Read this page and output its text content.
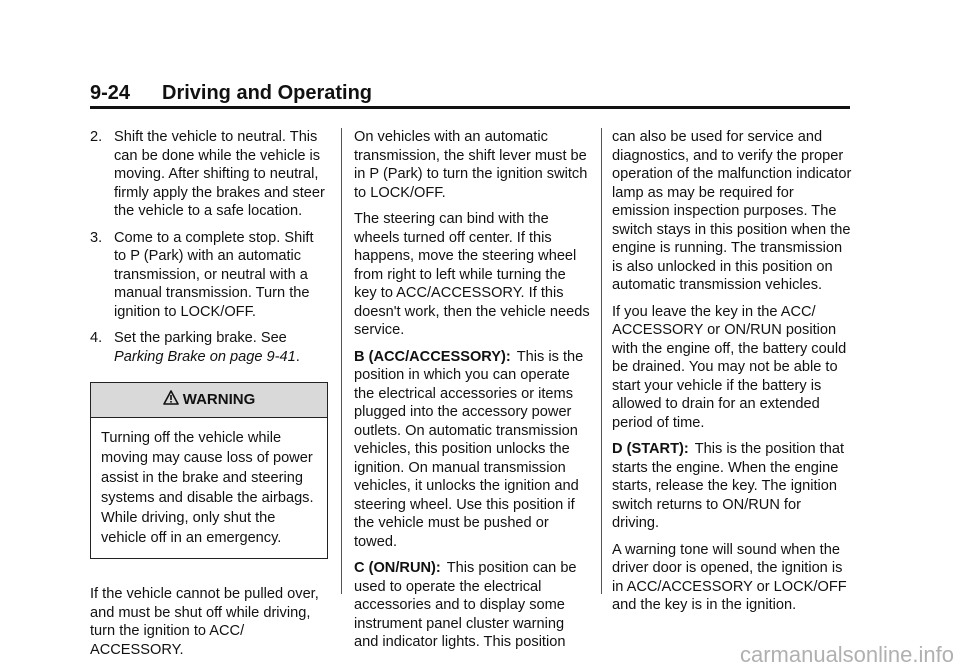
9-24 Driving and Operating
2. Shift the vehicle to neutral. This can be done while the vehicle is moving. After shifting to neutral, firmly apply the brakes and steer the vehicle to a safe location.
3. Come to a complete stop. Shift to P (Park) with an automatic transmission, or neutral with a manual transmission. Turn the ignition to LOCK/OFF.
4. Set the parking brake. See Parking Brake on page 9-41.
WARNING
Turning off the vehicle while moving may cause loss of power assist in the brake and steering systems and disable the airbags. While driving, only shut the vehicle off in an emergency.

If the vehicle cannot be pulled over, and must be shut off while driving, turn the ignition to ACC/ ACCESSORY.

On vehicles with an automatic transmission, the shift lever must be in P (Park) to turn the ignition switch to LOCK/OFF.

The steering can bind with the wheels turned off center. If this happens, move the steering wheel from right to left while turning the key to ACC/ACCESSORY. If this doesn't work, then the vehicle needs service.

B (ACC/ACCESSORY): This is the position in which you can operate the electrical accessories or items plugged into the accessory power outlets. On automatic transmission vehicles, this position unlocks the ignition. On manual transmission vehicles, it unlocks the ignition and steering wheel. Use this position if the vehicle must be pushed or towed.

C (ON/RUN): This position can be used to operate the electrical accessories and to display some instrument panel cluster warning and indicator lights. This position

can also be used for service and diagnostics, and to verify the proper operation of the malfunction indicator lamp as may be required for emission inspection purposes. The switch stays in this position when the engine is running. The transmission is also unlocked in this position on automatic transmission vehicles.

If you leave the key in the ACC/ ACCESSORY or ON/RUN position with the engine off, the battery could be drained. You may not be able to start your vehicle if the battery is allowed to drain for an extended period of time.

D (START): This is the position that starts the engine. When the engine starts, release the key. The ignition switch returns to ON/RUN for driving.

A warning tone will sound when the driver door is opened, the ignition is in ACC/ACCESSORY or LOCK/OFF and the key is in the ignition.

carmanualsonline.info
